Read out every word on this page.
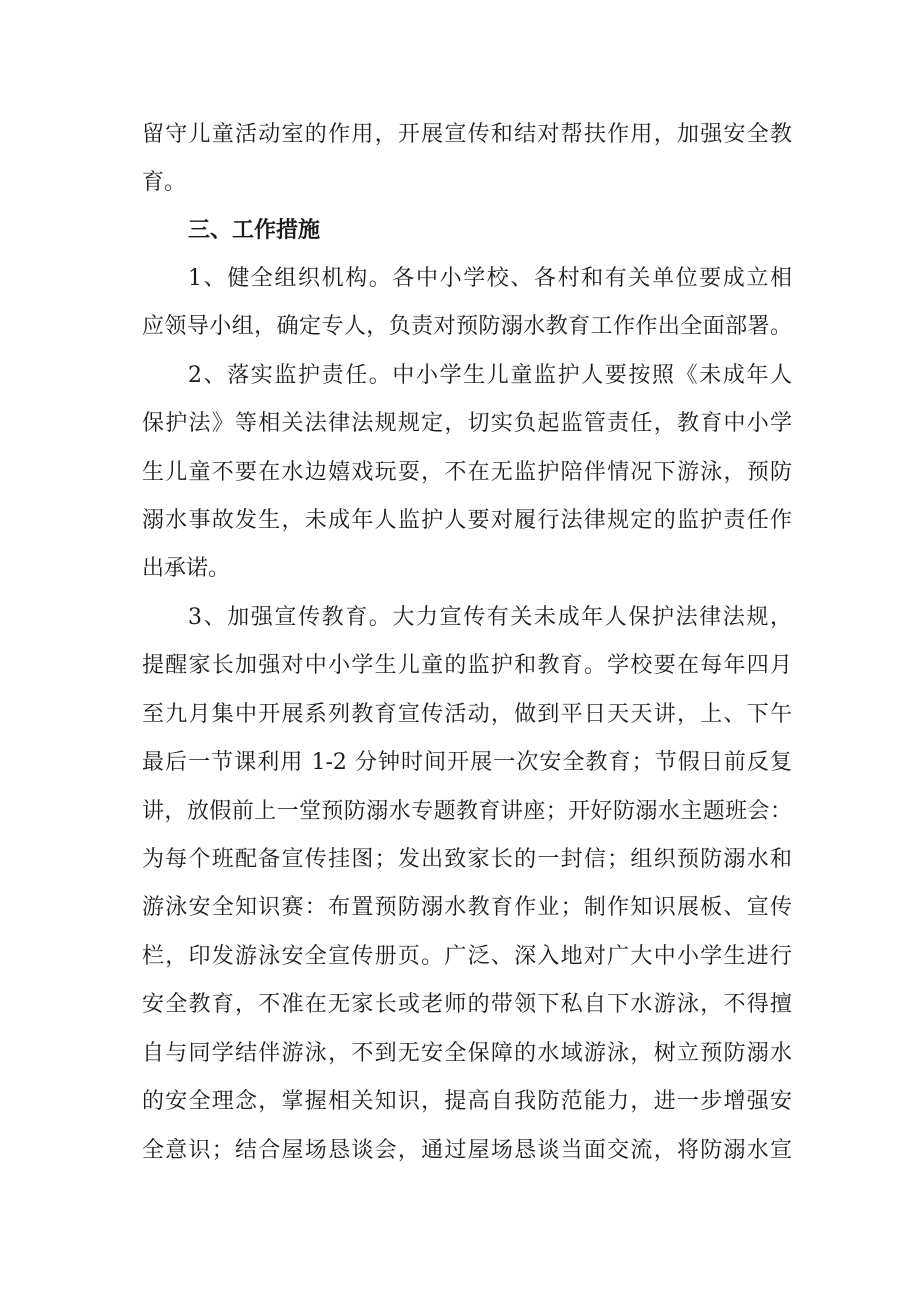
留守儿童活动室的作用，开展宣传和结对帮扶作用，加强安全教
育。
三、工作措施
1、健全组织机构。各中小学校、各村和有关单位要成立相
应领导小组，确定专人，负责对预防溺水教育工作作出全面部署。
2、落实监护责任。中小学生儿童监护人要按照《未成年人
保护法》等相关法律法规规定，切实负起监管责任，教育中小学
生儿童不要在水边嬉戏玩耍，不在无监护陪伴情况下游泳，预防
溺水事故发生，未成年人监护人要对履行法律规定的监护责任作
出承诺。
3、加强宣传教育。大力宣传有关未成年人保护法律法规，
提醒家长加强对中小学生儿童的监护和教育。学校要在每年四月
至九月集中开展系列教育宣传活动，做到平日天天讲，上、下午
最后一节课利用 1-2 分钟时间开展一次安全教育；节假日前反复
讲，放假前上一堂预防溺水专题教育讲座；开好防溺水主题班会：
为每个班配备宣传挂图；发出致家长的一封信；组织预防溺水和
游泳安全知识赛：布置预防溺水教育作业；制作知识展板、宣传
栏，印发游泳安全宣传册页。广泛、深入地对广大中小学生进行
安全教育，不准在无家长或老师的带领下私自下水游泳，不得擅
自与同学结伴游泳，不到无安全保障的水域游泳，树立预防溺水
的安全理念，掌握相关知识，提高自我防范能力，进一步增强安
全意识；结合屋场恳谈会，通过屋场恳谈当面交流，将防溺水宣
